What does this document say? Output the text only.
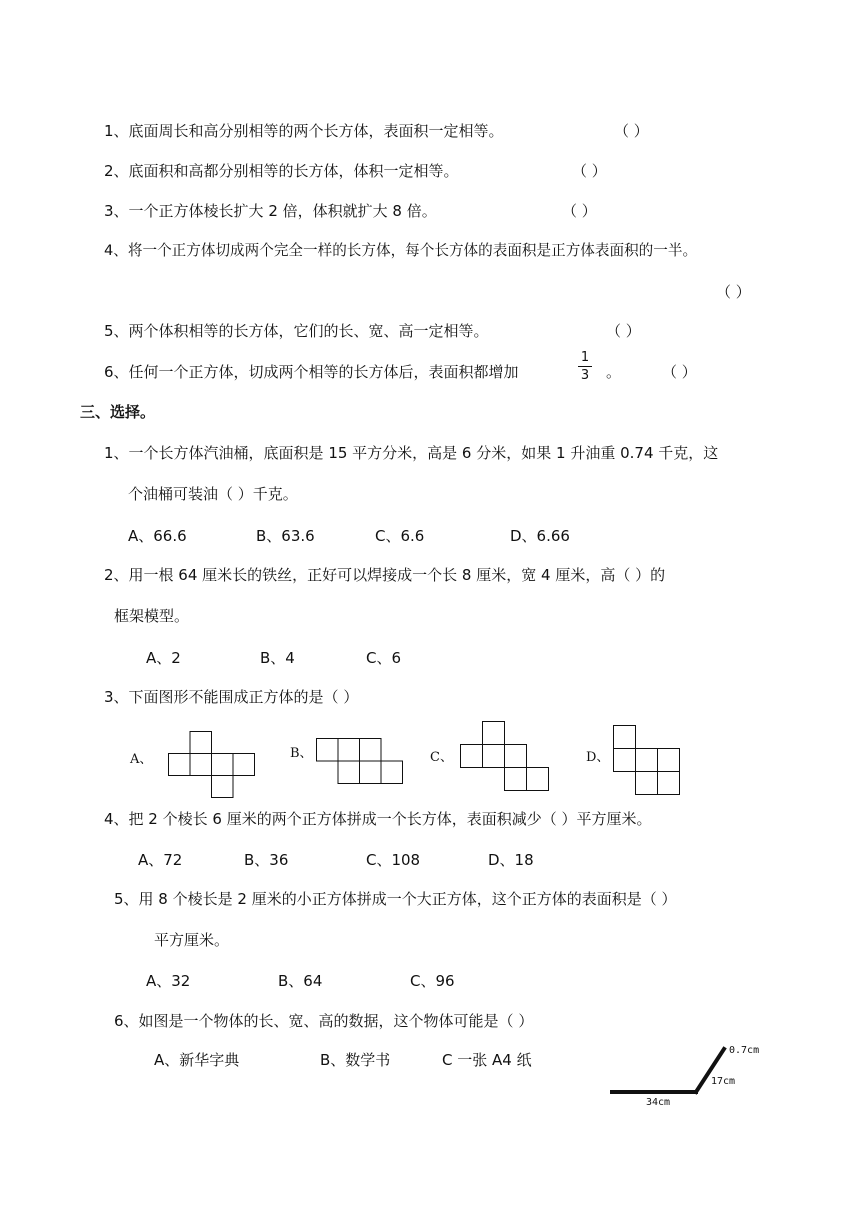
1、底面周长和高分别相等的两个长方体，表面积一定相等。	（ ）
2、底面积和高都分别相等的长方体，体积一定相等。	（ ）
3、一个正方体棱长扩大 2 倍，体积就扩大 8 倍。	（ ）
4、将一个正方体切成两个完全一样的长方体，每个长方体的表面积是正方体表面积的一半。
（ ）
5、两个体积相等的长方体，它们的长、宽、高一定相等。	（ ）
6、任何一个正方体，切成两个相等的长方体后，表面积都增加
1
3 。	（ ）
三、选择。
1、一个长方体汽油桶，底面积是 15 平方分米，高是 6 分米，如果 1 升油重 0.74 千克，这
个油桶可装油（ ）千克。
A、66.6	B、63.6	C、6.6	D、6.66
2、用一根 64 厘米长的铁丝，正好可以焊接成一个长 8 厘米，宽 4 厘米，高（ ）的
框架模型。
A、2	B、4	C、6
3、下面图形不能围成正方体的是（ ）
A、	B、	C、	D、
4、把 2 个棱长 6 厘米的两个正方体拼成一个长方体，表面积减少（ ）平方厘米。
A、72	B、36	C、108	D、18
5、用 8 个棱长是 2 厘米的小正方体拼成一个大正方体，这个正方体的表面积是（ ）
平方厘米。
A、32	B、64	C、96
6、如图是一个物体的长、宽、高的数据，这个物体可能是（ ）
A、新华字典	B、数学书	C 一张 A4 纸
0.7cm
17cm
34cm
